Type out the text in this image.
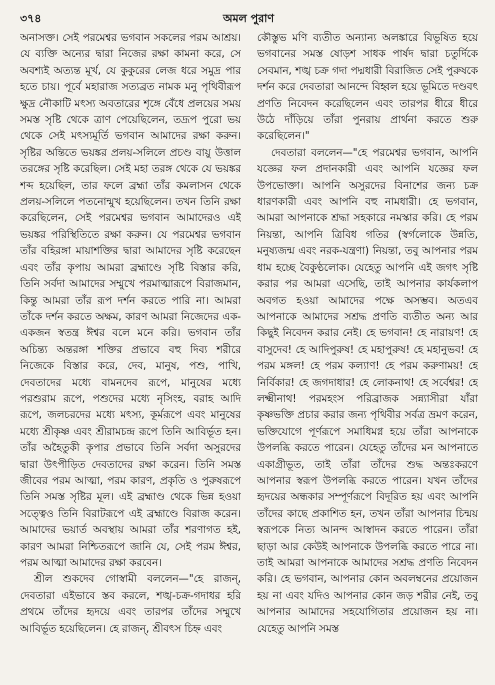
৩৭৪	অমল পুরাণ

অনাসক্ত। সেই পরমেশ্বর ভগবান সকলের পরম আশ্রয়। যে ব্যক্তি অন্যের দ্বারা নিজের রক্ষা কামনা করে, সে অবশ্যই অত্যন্ত মূর্খ, যে কুকুরের লেজ ধরে সমুদ্র পার হতে চায়। পূর্বে মহারাজ সত্যব্রত নামক মনু পৃথিবীরূপ ক্ষুদ্র নৌকাটি মৎস্য অবতারের শৃঙ্গে বেঁধে প্রলয়ের সময় সমস্ত সৃষ্টি থেকে ত্রাণ পেয়েছিলেন, তদ্রূপ পুরো ভয় থেকে সেই মৎস্যমূর্তি ভগবান আমাদের রক্ষা করুন। সৃষ্টির অন্তিতে ভয়ঙ্কর প্রলয়-সলিলে প্রচণ্ড বায়ু উত্তাল তরঙ্গের সৃষ্টি করেছিল। সেই মহা তরঙ্গ থেকে যে ভয়ঙ্কর শব্দ হয়েছিল, তার ফলে ব্রহ্মা তাঁর কমলাসন থেকে প্রলয়-সলিলে পতনোন্মুখ হয়েছিলেন। তখন তিনি রক্ষা করেছিলেন, সেই পরমেশ্বর ভগবান আমাদেরও এই ভয়ঙ্কর পরিস্থিতিতে রক্ষা করুন। যে পরমেশ্বর ভগবান তাঁর বহিরঙ্গা মায়াশক্তির দ্বারা আমাদের সৃষ্টি করেছেন এবং তাঁর কৃপায় আমরা ব্রহ্মাণ্ডে সৃষ্টি বিস্তার করি, তিনি সর্বদা আমাদের সম্মুখে পরমাত্মারূপে বিরাজমান, কিন্তু আমরা তাঁর রূপ দর্শন করতে পারি না। আমরা তাঁকে দর্শন করতে অক্ষম, কারণ আমরা নিজেদের এক-একজন স্বতন্ত্র ঈশ্বর বলে মনে করি। ভগবান তাঁর অচিন্ত্য অন্তরঙ্গা শক্তির প্রভাবে বহু দিব্য শরীরে নিজেকে বিস্তার করে, দেব, মানুষ, পশু, পাখি, দেবতাদের মধ্যে বামনদেব রূপে, মানুষের মধ্যে পরশুরাম রূপে, পশুদের মধ্যে নৃসিংহ, বরাহ আদি রূপে, জলচরদের মধ্যে মৎস্য, কূর্মরূপে এবং মানুষের মধ্যে শ্রীকৃষ্ণ এবং শ্রীরামচন্দ্র রূপে তিনি আবির্ভূত হন। তাঁর অহৈতুকী কৃপার প্রভাবে তিনি সর্বদা অসুরদের দ্বারা উৎপীড়িত দেবতাদের রক্ষা করেন। তিনি সমস্ত জীবের পরম আত্মা, পরম কারণ, প্রকৃতি ও পুরুষরূপে তিনি সমস্ত সৃষ্টির মূল। এই ব্রহ্মাণ্ড থেকে ভিন্ন হওয়া সত্ত্বেও তিনি বিরাটরূপে এই ব্রহ্মাণ্ডে বিরাজ করেন। আমাদের ভয়ার্ত অবস্থায় আমরা তাঁর শরণাগত হই, কারণ আমরা নিশ্চিতরূপে জানি যে, সেই পরম ঈশ্বর, পরম আত্মা আমাদের রক্ষা করবেন।

শ্রীল শুকদেব গোস্বামী বললেন—"হে রাজন্, দেবতারা এইভাবে স্তব করলে, শঙ্খ-চক্র-গদাধর হরি প্রথমে তাঁদের হৃদয়ে এবং তারপর তাঁদের সম্মুখে আবির্ভূত হয়েছিলেন। হে রাজন্, শ্রীবৎস চিহ্ন এবং

কৌস্তুভ মণি ব্যতীত অন্যান্য অলঙ্কারে বিভূষিত হয়ে ভগবানের সমস্ত ষোড়শ সাধক পার্ষদ দ্বারা চতুর্দিকে সেবমান, শঙ্খ চক্র গদা পদ্মধারী বিরাজিত সেই পুরুষকে দর্শন করে দেবতারা আনন্দে বিহ্বল হয়ে ভূমিতে দণ্ডবৎ প্রণতি নিবেদন করেছিলেন এবং তারপর ধীরে ধীরে উঠে দাঁড়িয়ে তাঁরা পুনরায় প্রার্থনা করতে শুরু করেছিলেন।"

দেবতারা বললেন—"হে পরমেশ্বর ভগবান, আপনি যজ্ঞের ফল প্রদানকারী এবং আপনি যজ্ঞের ফল উপভোক্তা। আপনি অসুরদের বিনাশের জন্য চক্র ধারণকারী এবং আপনি বহু নামধারী। হে ভগবান, আমরা আপনাকে শ্রদ্ধা সহকারে নমস্কার করি। হে পরম নিয়ন্তা, আপনি ত্রিবিধ গতির (স্বর্গলোকে উন্নতি, মনুষ্যজন্ম এবং নরক-যন্ত্রণা) নিয়ন্তা, তবু আপনার পরম ধাম হচ্ছে বৈকুণ্ঠলোক। যেহেতু আপনি এই জগৎ সৃষ্টি করার পর আমরা এসেছি, তাই আপনার কার্যকলাপ অবগত হওয়া আমাদের পক্ষে অসম্ভব। অতএব আপনাকে আমাদের সশ্রদ্ধ প্রণতি ব্যতীত অন্য আর কিছুই নিবেদন করার নেই। হে ভগবান! হে নারায়ণ! হে বাসুদেব! হে আদিপুরুষ! হে মহাপুরুষ! হে মহানুভব! হে পরম মঙ্গল! হে পরম কল্যাণ! হে পরম করুণাময়! হে নির্বিকার! হে জগদাধার! হে লোকনাথ! হে সর্বেশ্বর! হে লক্ষ্মীনাথ! পরমহংস পরিব্রাজক সন্ন্যাসীরা যাঁরা কৃষ্ণভক্তি প্রচার করার জন্য পৃথিবীর সর্বত্র ভ্রমণ করেন, ভক্তিযোগে পূর্ণরূপে সমাধিমগ্ন হয়ে তাঁরা আপনাকে উপলব্ধি করতে পারেন। যেহেতু তাঁদের মন আপনাতে একাগ্রীভূত, তাই তাঁরা তাঁদের শুদ্ধ অন্তঃকরণে আপনার স্বরূপ উপলব্ধি করতে পারেন। যখন তাঁদের হৃদয়ের অন্ধকার সম্পূর্ণরূপে বিদূরিত হয় এবং আপনি তাঁদের কাছে প্রকাশিত হন, তখন তাঁরা আপনার চিন্ময় স্বরূপকে নিত্য আনন্দ আস্বাদন করতে পারেন। তাঁরা ছাড়া আর কেউই আপনাকে উপলব্ধি করতে পারে না। তাই আমরা আপনাকে আমাদের সশ্রদ্ধ প্রণতি নিবেদন করি। হে ভগবান, আপনার কোন অবলম্বনের প্রয়োজন হয় না এবং যদিও আপনার কোন জড় শরীর নেই, তবু আপনার আমাদের সহযোগিতার প্রয়োজন হয় না। যেহেতু আপনি সমস্ত
